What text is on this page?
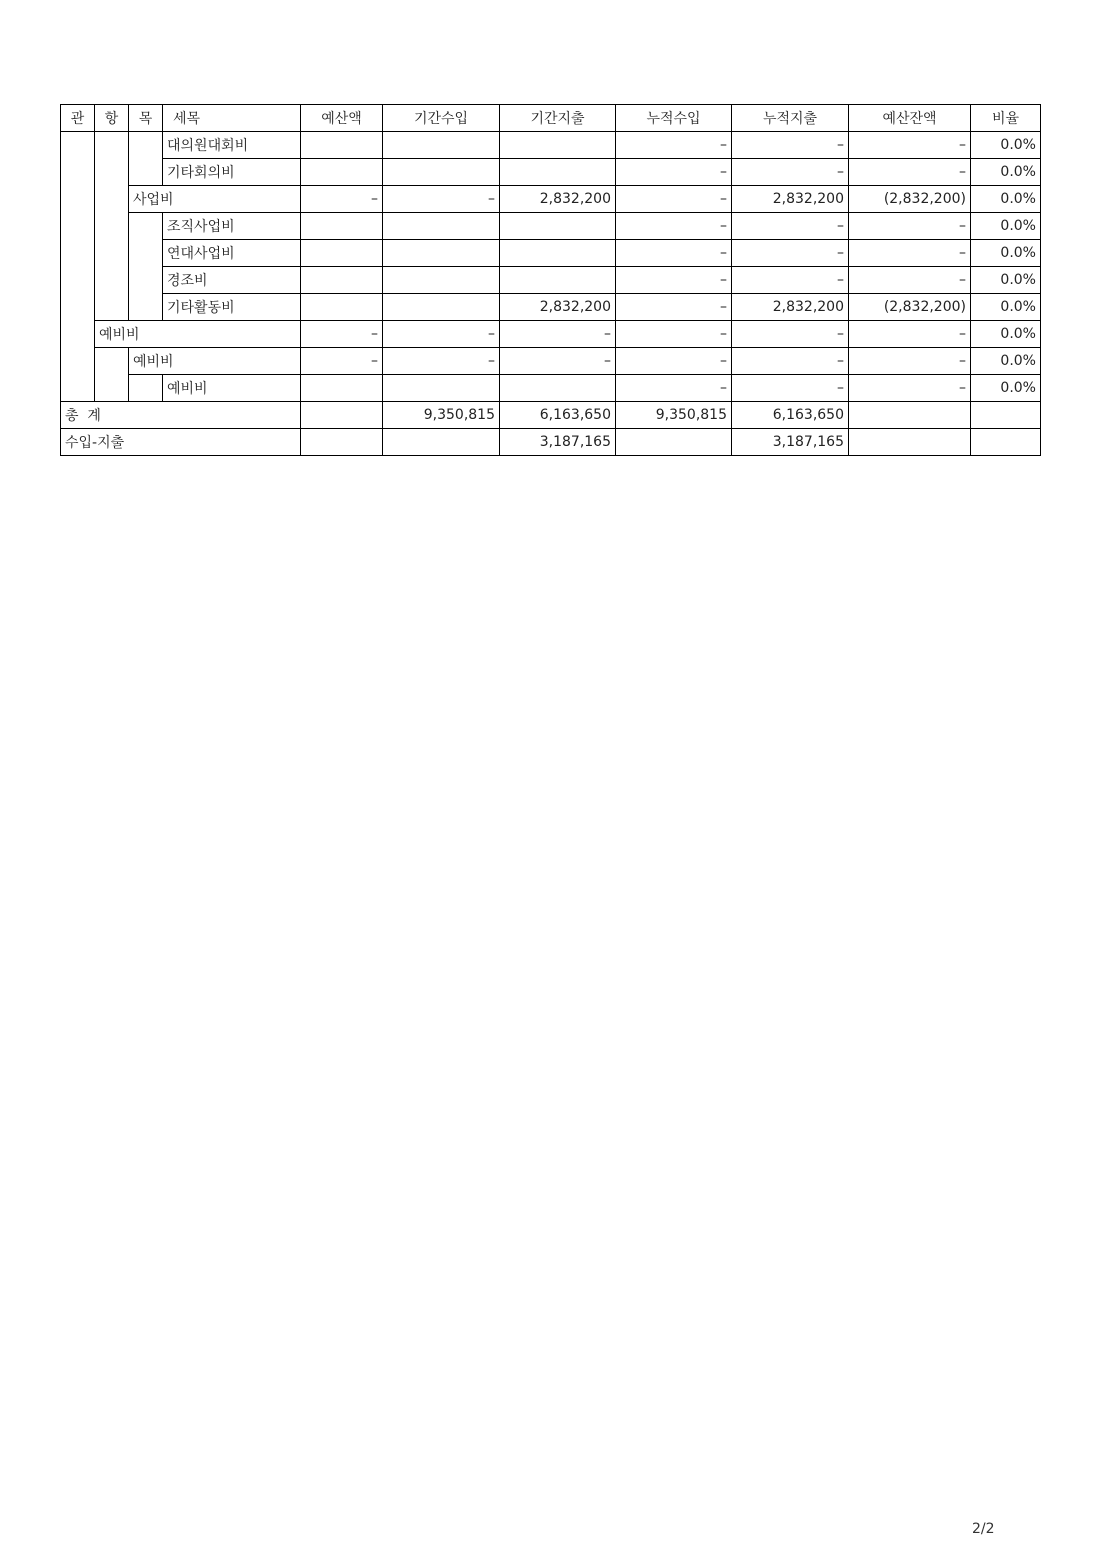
관	항	목	세목	예산액	기간수입	기간지출	누적수입	누적지출	예산잔액	비율
			대의원대회비				–	–	–	0.0%
			기타회의비				–	–	–	0.0%
		사업비		–	–	2,832,200	–	2,832,200	(2,832,200)	0.0%
			조직사업비				–	–	–	0.0%
			연대사업비				–	–	–	0.0%
			경조비				–	–	–	0.0%
			기타활동비			2,832,200	–	2,832,200	(2,832,200)	0.0%
	예비비			–	–	–	–	–	–	0.0%
		예비비		–	–	–	–	–	–	0.0%
			예비비				–	–	–	0.0%
총  계					9,350,815	6,163,650	9,350,815	6,163,650		
수입-지출						3,187,165		3,187,165		
2/2
